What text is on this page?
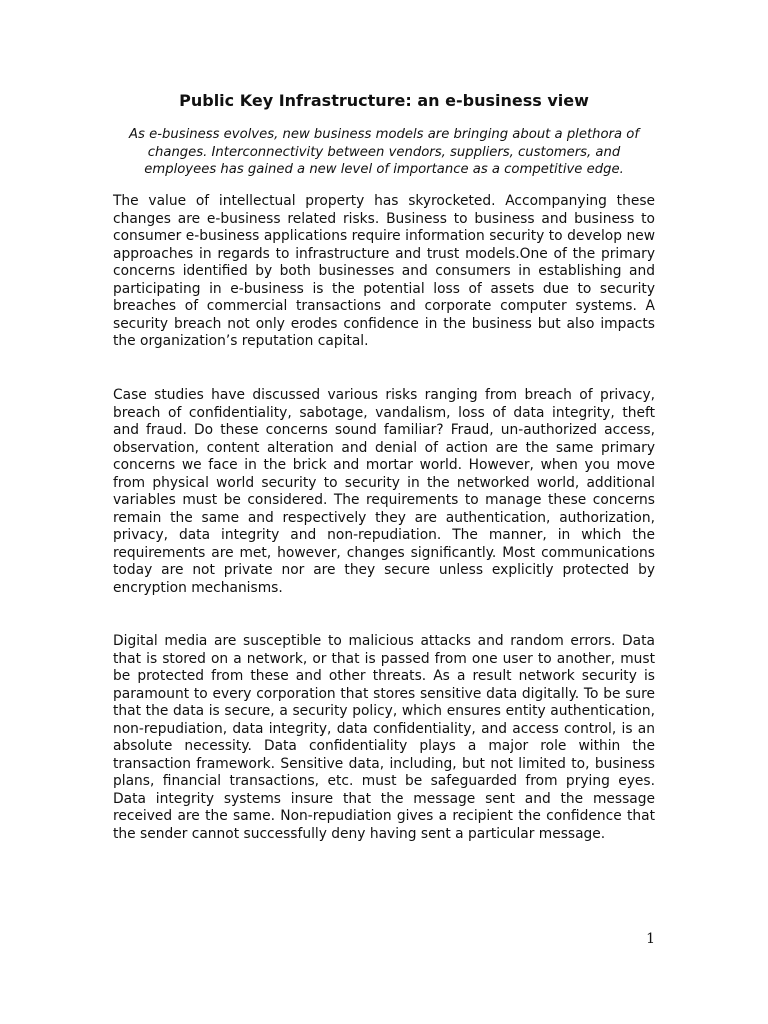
Public Key Infrastructure: an e-business view

As e-business evolves, new business models are bringing about a plethora of changes. Interconnectivity between vendors, suppliers, customers, and employees has gained a new level of importance as a competitive edge.

The value of intellectual property has skyrocketed. Accompanying these changes are e-business related risks. Business to business and business to consumer e-business applications require information security to develop new approaches in regards to infrastructure and trust models.One of the primary concerns identified by both businesses and consumers in establishing and participating in e-business is the potential loss of assets due to security breaches of commercial transactions and corporate computer systems. A security breach not only erodes confidence in the business but also impacts the organization’s reputation capital.

Case studies have discussed various risks ranging from breach of privacy, breach of confidentiality, sabotage, vandalism, loss of data integrity, theft and fraud. Do these concerns sound familiar? Fraud, un-authorized access, observation, content alteration and denial of action are the same primary concerns we face in the brick and mortar world. However, when you move from physical world security to security in the networked world, additional variables must be considered. The requirements to manage these concerns remain the same and respectively they are authentication, authorization, privacy, data integrity and non-repudiation. The manner, in which the requirements are met, however, changes significantly. Most communications today are not private nor are they secure unless explicitly protected by encryption mechanisms.

Digital media are susceptible to malicious attacks and random errors. Data that is stored on a network, or that is passed from one user to another, must be protected from these and other threats. As a result network security is paramount to every corporation that stores sensitive data digitally. To be sure that the data is secure, a security policy, which ensures entity authentication, non-repudiation, data integrity, data confidentiality, and access control, is an absolute necessity. Data confidentiality plays a major role within the transaction framework. Sensitive data, including, but not limited to, business plans, financial transactions, etc. must be safeguarded from prying eyes. Data integrity systems insure that the message sent and the message received are the same. Non-repudiation gives a recipient the confidence that the sender cannot successfully deny having sent a particular message.

1
